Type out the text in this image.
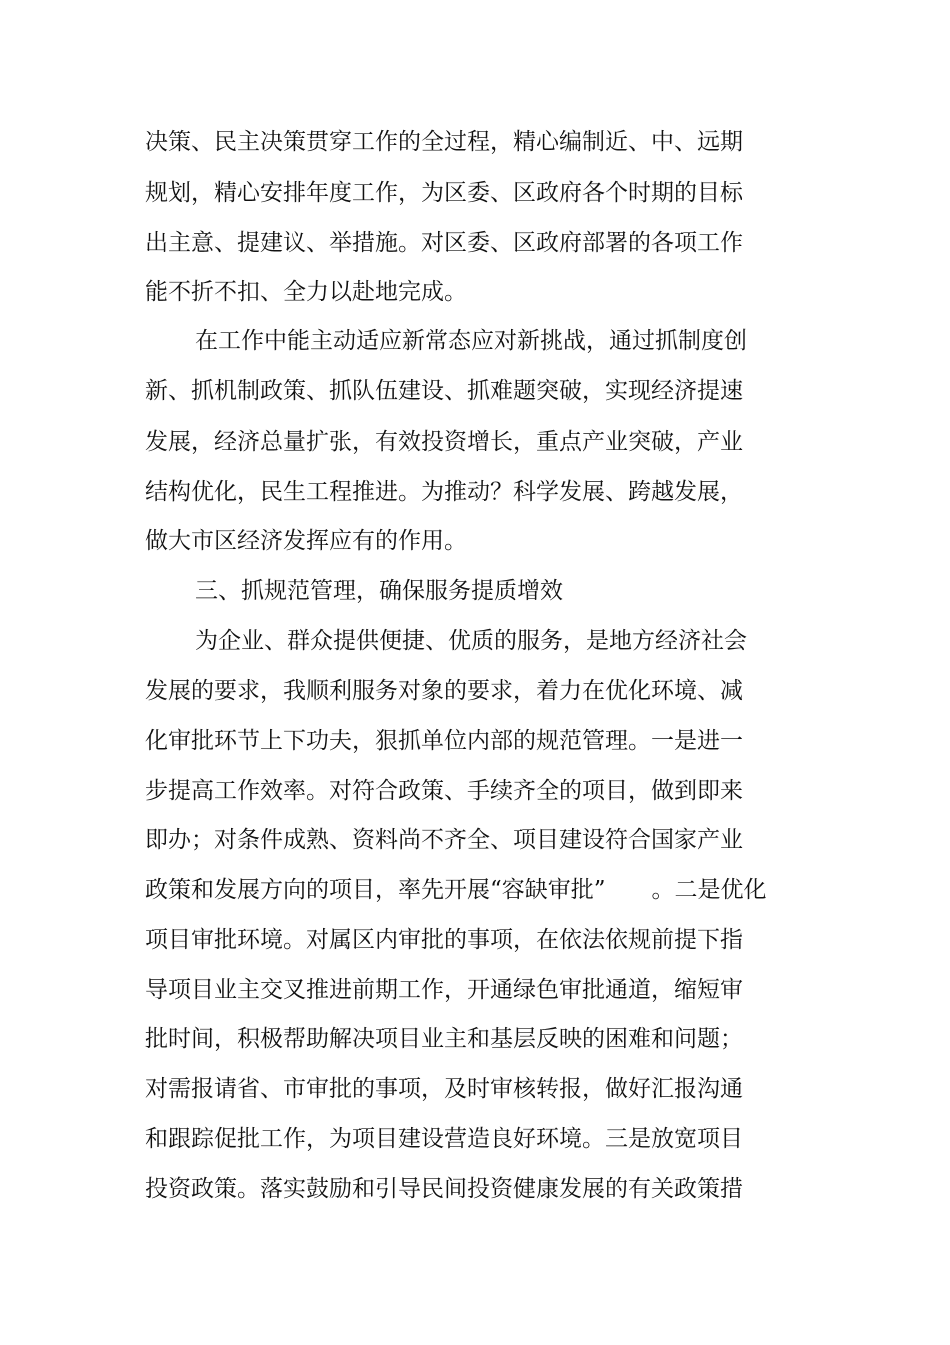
决策、民主决策贯穿工作的全过程，精心编制近、中、远期
规划，精心安排年度工作，为区委、区政府各个时期的目标
出主意、提建议、举措施。对区委、区政府部署的各项工作
能不折不扣、全力以赴地完成。
在工作中能主动适应新常态应对新挑战，通过抓制度创
新、抓机制政策、抓队伍建设、抓难题突破，实现经济提速
发展，经济总量扩张，有效投资增长，重点产业突破，产业
结构优化，民生工程推进。为推动？科学发展、跨越发展，
做大市区经济发挥应有的作用。
三、抓规范管理，确保服务提质增效
为企业、群众提供便捷、优质的服务，是地方经济社会
发展的要求，我顺利服务对象的要求，着力在优化环境、减
化审批环节上下功夫，狠抓单位内部的规范管理。一是进一
步提高工作效率。对符合政策、手续齐全的项目，做到即来
即办；对条件成熟、资料尚不齐全、项目建设符合国家产业
政策和发展方向的项目，率先开展“容缺审批”　　。二是优化
项目审批环境。对属区内审批的事项，在依法依规前提下指
导项目业主交叉推进前期工作，开通绿色审批通道，缩短审
批时间，积极帮助解决项目业主和基层反映的困难和问题；
对需报请省、市审批的事项，及时审核转报，做好汇报沟通
和跟踪促批工作，为项目建设营造良好环境。三是放宽项目
投资政策。落实鼓励和引导民间投资健康发展的有关政策措
